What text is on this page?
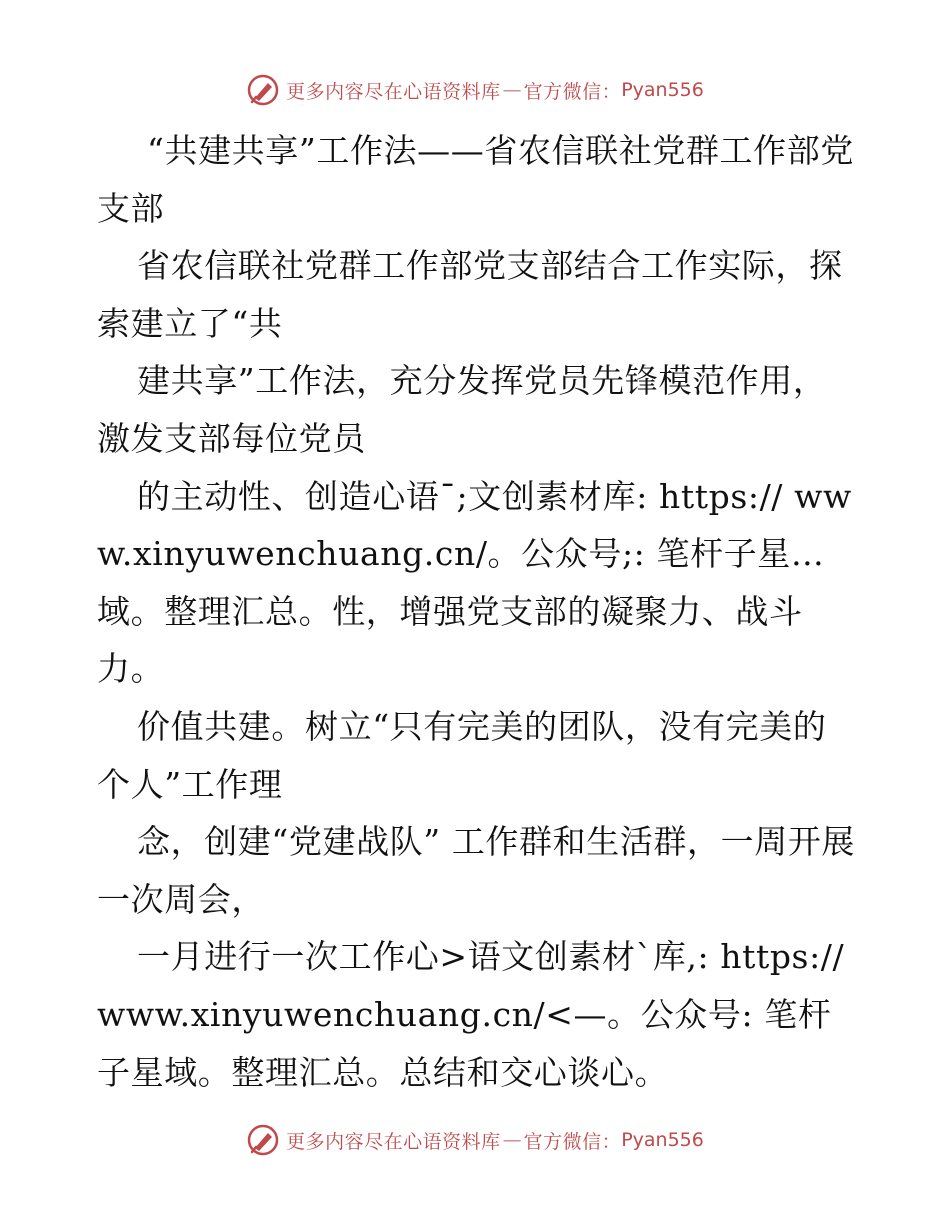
更多内容尽在心语资料库 — 官方微信： Pyan556

“共建共享”工作法——省农信联社党群工作部党支部

省农信联社党群工作部党支部结合工作实际，探索建立了“共

建共享”工作法，充分发挥党员先锋模范作用，激发支部每位党员

的主动性、创造心语¯;文创素材库: https:// www.xinyuwenchuang.cn/。公众号;: 笔杆子星…域。整理汇总。性，增强党支部的凝聚力、战斗力。

价值共建。树立“只有完美的团队，没有完美的个人”工作理

念，创建“党建战队” 工作群和生活群，一周开展一次周会，

一月进行一次工作心>语文创素材`库,: https://www.xinyuwenchuang.cn/<—。公众号: 笔杆子星域。整理汇总。总结和交心谈心。

更多内容尽在心语资料库 — 官方微信： Pyan556
